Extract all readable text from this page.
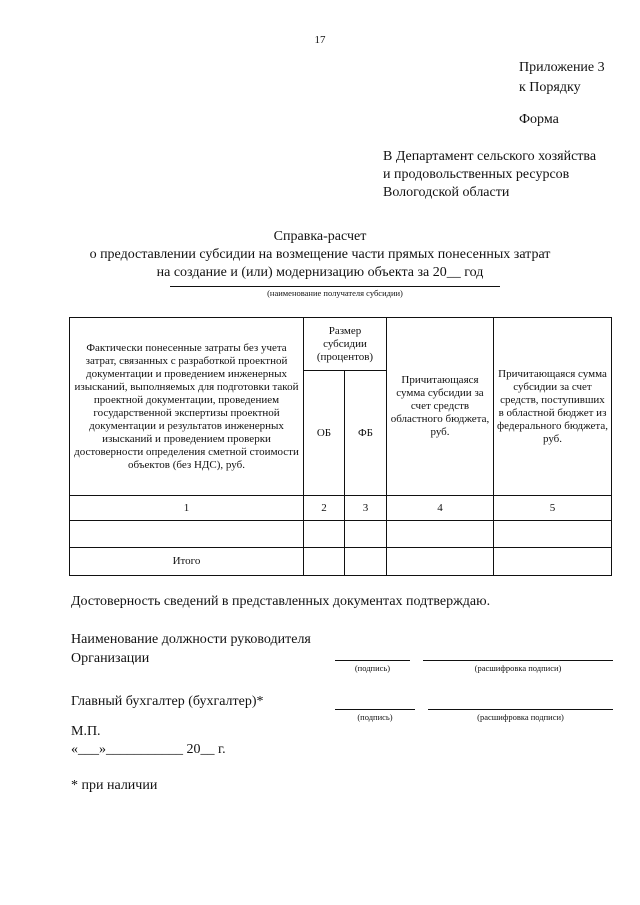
17
Приложение 3
к Порядку
Форма
В Департамент сельского хозяйства
и продовольственных ресурсов
Вологодской области
Справка-расчет
о предоставлении субсидии на возмещение части прямых понесенных затрат
на создание и (или) модернизацию объекта за 20__ год
(наименование получателя субсидии)
Фактически понесенные затраты без учета затрат, связанных с разработкой проектной документации и проведением инженерных изысканий, выполняемых для подготовки такой проектной документации, проведением государственной экспертизы проектной документации и результатов инженерных изысканий и проведением проверки достоверности определения сметной стоимости объектов (без НДС), руб.	Размер субсидии (процентов)		Причитающаяся сумма субсидии за счет средств областного бюджета, руб.	Причитающаяся сумма субсидии за счет средств, поступивших в областной бюджет из федерального бюджета, руб.
	ОБ	ФБ		
1	2	3	4	5

Итого				
Достоверность сведений в представленных документах подтверждаю.
Наименование должности руководителя
Организации
(подпись)	(расшифровка подписи)
Главный бухгалтер (бухгалтер)*
(подпись)	(расшифровка подписи)
М.П.
«___»___________ 20__ г.
* при наличии
